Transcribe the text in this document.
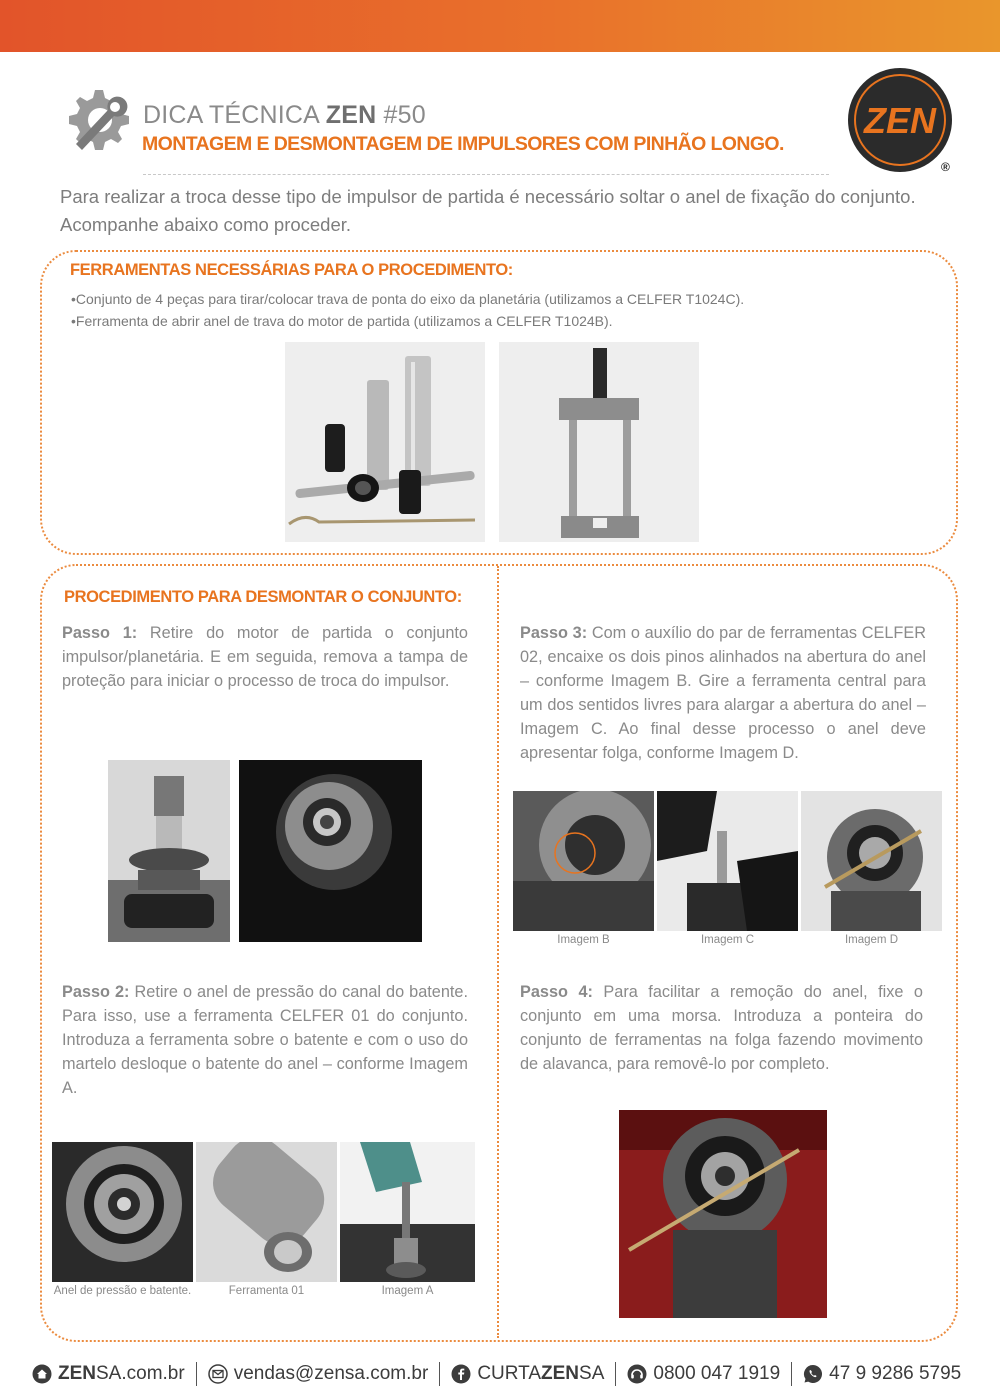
DICA TÉCNICA ZEN #50
MONTAGEM E DESMONTAGEM DE IMPULSORES COM PINHÃO LONGO.
ZEN
®
Para realizar a troca desse tipo de impulsor de partida é necessário soltar o anel de fixação do conjunto. Acompanhe abaixo como proceder.
FERRAMENTAS NECESSÁRIAS PARA O PROCEDIMENTO:
• Conjunto de 4 peças para tirar/colocar trava de ponta do eixo da planetária (utilizamos a CELFER T1024C).
• Ferramenta de abrir anel de trava do motor de partida (utilizamos a CELFER T1024B).
PROCEDIMENTO PARA DESMONTAR O CONJUNTO:
Passo 1: Retire do motor de partida o conjunto impulsor/planetária. E em seguida, remova a tampa de proteção para iniciar o processo de troca do impulsor.
Passo 2: Retire o anel de pressão do canal do batente. Para isso, use a ferramenta CELFER 01 do conjunto. Introduza a ferramenta sobre o batente e com o uso do martelo desloque o batente do anel – conforme Imagem A.
Passo 3: Com o auxílio do par de ferramentas CELFER 02, encaixe os dois pinos alinhados na abertura do anel – conforme Imagem B. Gire a ferramenta central para um dos sentidos livres para alargar a abertura do anel – Imagem C. Ao final desse processo o anel deve apresentar folga, conforme Imagem D.
Passo 4: Para facilitar a remoção do anel, fixe o conjunto em uma morsa. Introduza a ponteira do conjunto de ferramentas na folga fazendo movimento de alavanca, para removê-lo por completo.
Anel de pressão e batente.	Ferramenta 01	Imagem A
Imagem B	Imagem C	Imagem D
ZEN SA.com.br	vendas@zensa.com.br	CURTA ZEN SA	0800 047 1919	47 9 9286 5795
